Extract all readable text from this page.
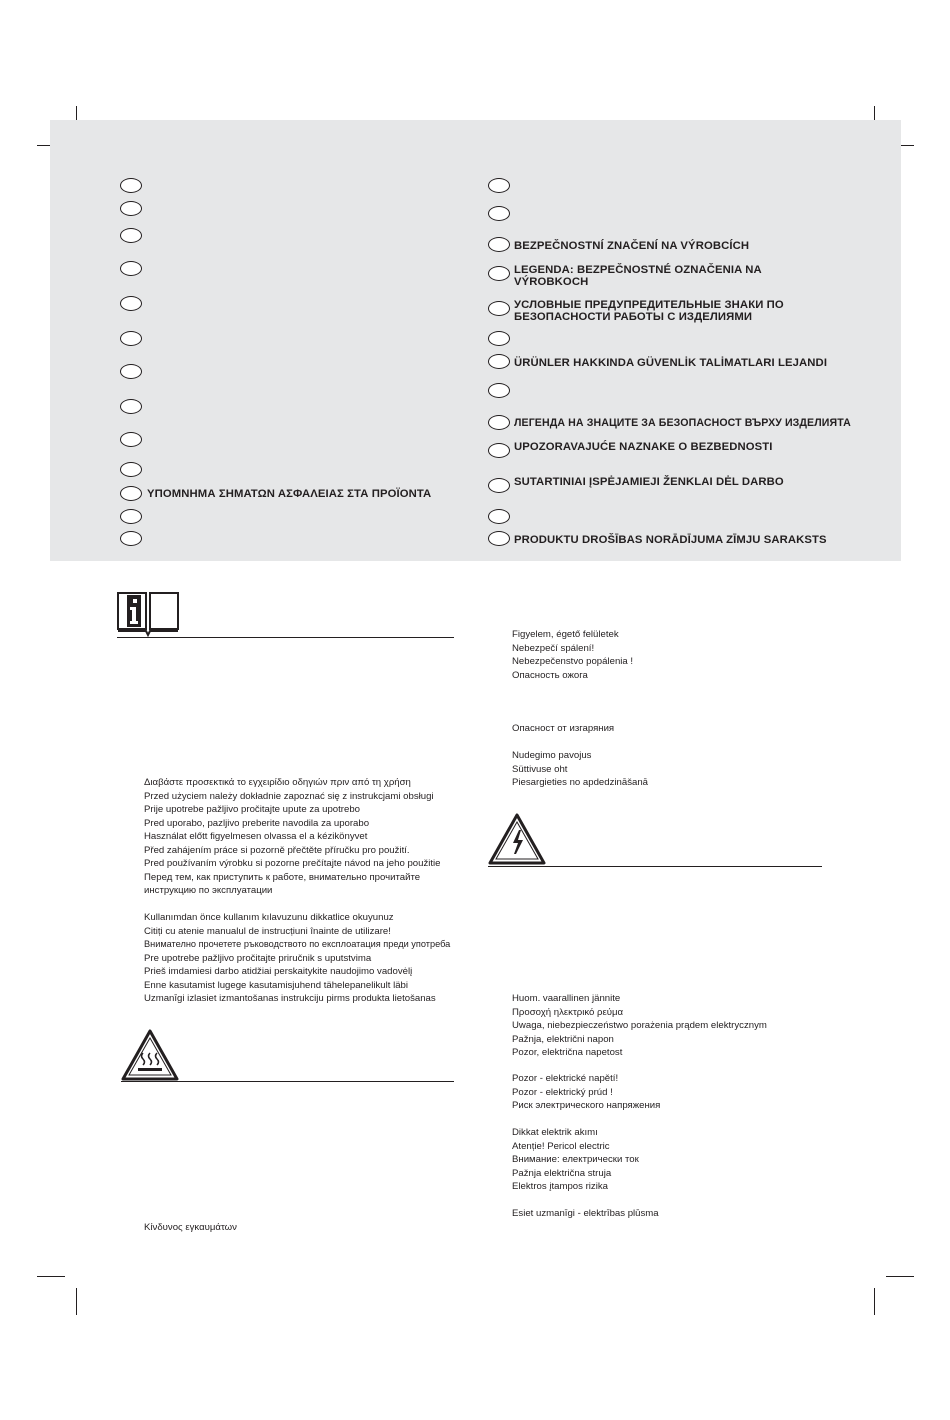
ΥΠΟΜΝΗΜΑ ΣΗΜΑΤΩΝ ΑΣΦΑΛΕΙΑΣ ΣΤΑ ΠΡΟΪΟΝΤΑ
BEZPEČNOSTNÍ ZNAČENÍ NA VÝROBCÍCH
LEGENDA: BEZPEČNOSTNÉ OZNAČENIA NA
VÝROBKOCH
УСЛОВНЫЕ ПРЕДУПРЕДИТЕЛЬНЫЕ ЗНАКИ ПО
БЕЗОПАСНОСТИ РАБОТЫ С ИЗДЕЛИЯМИ
ÜRÜNLER HAKKINDA GÜVENLİK TALİMATLARI LEJANDI
ЛЕГЕНДА НА ЗНАЦИТЕ ЗА БЕЗОПАСНОСТ ВЪРХУ ИЗДЕЛИЯТА
UPOZORAVAJUĆE NAZNAKE O BEZBEDNOSTI
SUTARTINIAI ĮSPĖJAMIEJI ŽENKLAI DĖL DARBO
PRODUKTU DROŠĪBAS NORĀDĪJUMA ZĪMJU SARAKSTS
Διαβάστε προσεκτικά το εγχειρίδιο οδηγιών πριν από τη χρήση
Przed użyciem należy dokładnie zapoznać się z instrukcjami obsługi
Prije upotrebe pažljivo pročitajte upute za upotrebo
Pred uporabo, pazljivo preberite navodila za uporabo
Használat előtt figyelmesen olvassa el a kézikönyvet
Před zahájením práce si pozorně přečtěte příručku pro použití.
Pred používaním výrobku si pozorne prečítajte návod na jeho použitie
Перед тем, как приступить к работе, внимательно прочитайте
инструкцию по эксплуатации
Kullanımdan önce kullanım kılavuzunu dikkatlice okuyunuz
Citiți cu atenie manualul de instrucțiuni înainte de utilizare!
Внимателно прочетете ръководството по експлоатация преди употреба
Pre upotrebe pažljivo pročitajte priručnik s uputstvima
Prieš imdamiesi darbo atidžiai perskaitykite naudojimo vadovėlį
Enne kasutamist lugege kasutamisjuhend tähelepanelikult läbi
Uzmanīgi izlasiet izmantošanas instrukciju pirms produkta lietošanas
Κίνδυνος εγκαυμάτων
Figyelem, égető felületek
Nebezpečí spálení!
Nebezpečenstvo popálenia !
Опасность ожога
Опасност от изгаряния
Nudegimo pavojus
Süttivuse oht
Piesargieties no apdedzināšanā
Huom. vaarallinen jännite
Προσοχή ηλεκτρικό ρεύμα
Uwaga, niebezpieczeństwo porażenia prądem elektrycznym
Pažnja, električni napon
Pozor, električna napetost
Pozor - elektrické napětí!
Pozor - elektrický prúd !
Риск электрического напряжения
Dikkat elektrik akımı
Atenție! Pericol electric
Внимание: електрически ток
Pažnja električna struja
Elektros įtampos rizika
Esiet uzmanīgi - elektrības plūsma
